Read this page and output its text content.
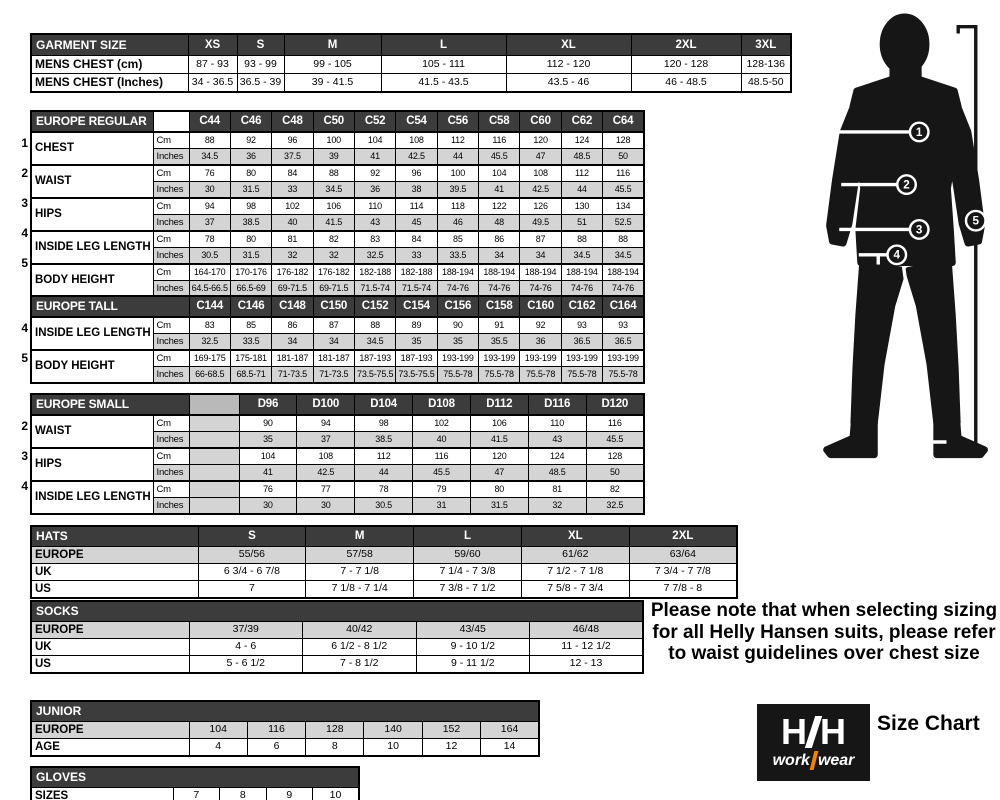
GARMENT SIZE	XS	S	M	L	XL	2XL	3XL
MENS CHEST (cm)	87 - 93	93 - 99	99 - 105	105 - 111	112 - 120	120 - 128	128-136
MENS CHEST (Inches)	34 - 36.5	36.5 - 39	39 - 41.5	41.5 - 43.5	43.5 - 46	46 - 48.5	48.5-50
1
2
3
4
5
EUROPE REGULAR		C44	C46	C48	C50	C52	C54	C56	C58	C60	C62	C64
CHEST	Cm	88	92	96	100	104	108	112	116	120	124	128
	Inches	34.5	36	37.5	39	41	42.5	44	45.5	47	48.5	50
WAIST	Cm	76	80	84	88	92	96	100	104	108	112	116
	Inches	30	31.5	33	34.5	36	38	39.5	41	42.5	44	45.5
HIPS	Cm	94	98	102	106	110	114	118	122	126	130	134
	Inches	37	38.5	40	41.5	43	45	46	48	49.5	51	52.5
INSIDE LEG LENGTH	Cm	78	80	81	82	83	84	85	86	87	88	88
	Inches	30.5	31.5	32	32	32.5	33	33.5	34	34	34.5	34.5
BODY HEIGHT	Cm	164-170	170-176	176-182	176-182	182-188	182-188	188-194	188-194	188-194	188-194	188-194
	Inches	64.5-66.5	66.5-69	69-71.5	69-71.5	71.5-74	71.5-74	74-76	74-76	74-76	74-76	74-76
4
5
EUROPE TALL		C144	C146	C148	C150	C152	C154	C156	C158	C160	C162	C164
INSIDE LEG LENGTH	Cm	83	85	86	87	88	89	90	91	92	93	93
	Inches	32.5	33.5	34	34	34.5	35	35	35.5	36	36.5	36.5
BODY HEIGHT	Cm	169-175	175-181	181-187	181-187	187-193	187-193	193-199	193-199	193-199	193-199	193-199
	Inches	66-68.5	68.5-71	71-73.5	71-73.5	73.5-75.5	73.5-75.5	75.5-78	75.5-78	75.5-78	75.5-78	75.5-78
2
3
4
EUROPE SMALL			D96	D100	D104	D108	D112	D116	D120
WAIST	Cm		90	94	98	102	106	110	116
	Inches		35	37	38.5	40	41.5	43	45.5
HIPS	Cm		104	108	112	116	120	124	128
	Inches		41	42.5	44	45.5	47	48.5	50
INSIDE LEG LENGTH	Cm		76	77	78	79	80	81	82
	Inches		30	30	30.5	31	31.5	32	32.5
HATS	S	M	L	XL	2XL
EUROPE	55/56	57/58	59/60	61/62	63/64
UK	6 3/4 - 6 7/8	7 - 7 1/8	7 1/4 - 7 3/8	7 1/2 - 7 1/8	7 3/4 - 7 7/8
US	7	7 1/8 - 7 1/4	7 3/8 - 7 1/2	7 5/8 - 7 3/4	7 7/8 - 8
SOCKS				
EUROPE	37/39	40/42	43/45	46/48
UK	4 - 6	6 1/2 - 8 1/2	9 - 10 1/2	11 - 12 1/2
US	5 - 6 1/2	7 - 8 1/2	9 - 11 1/2	12 - 13
JUNIOR						
EUROPE	104	116	128	140	152	164
AGE	4	6	8	10	12	14
GLOVES
SIZES	7	8	9	10
Please note that when selecting sizing for all Helly Hansen suits, please refer to waist guidelines over chest size
H H
work wear
Size Chart
1
2
3
4
5
